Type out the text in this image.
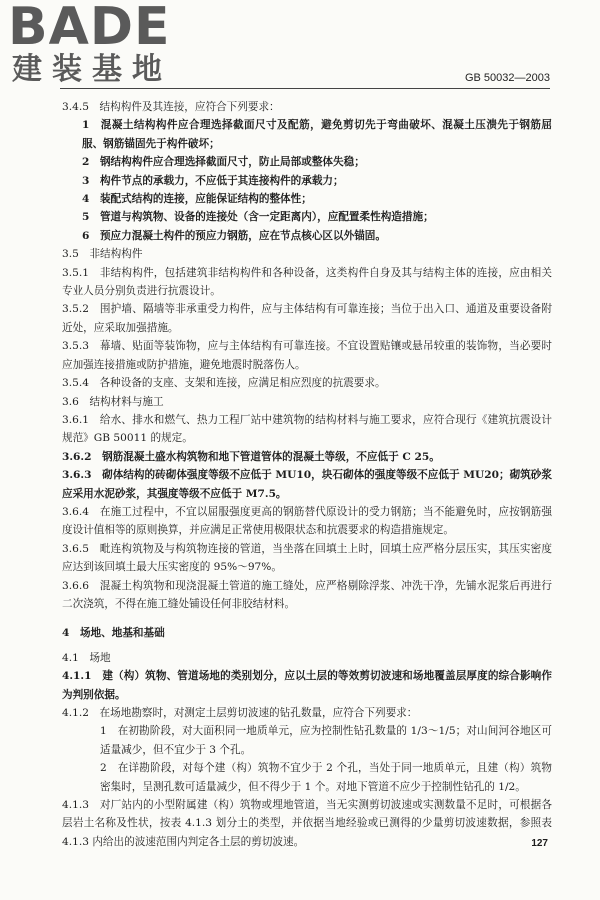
BADE
建装基地	GB 50032—2003

3.4.5　结构构件及其连接，应符合下列要求：

1　混凝土结构构件应合理选择截面尺寸及配筋，避免剪切先于弯曲破坏、混凝土压溃先于钢筋屈服、钢筋锚固先于构件破坏；

2　钢结构构件应合理选择截面尺寸，防止局部或整体失稳；

3　构件节点的承载力，不应低于其连接构件的承载力；

4　装配式结构的连接，应能保证结构的整体性；

5　管道与构筑物、设备的连接处（含一定距离内），应配置柔性构造措施；

6　预应力混凝土构件的预应力钢筋，应在节点核心区以外锚固。

3.5　非结构构件

3.5.1　非结构构件，包括建筑非结构构件和各种设备，这类构件自身及其与结构主体的连接，应由相关专业人员分别负责进行抗震设计。

3.5.2　围护墙、隔墙等非承重受力构件，应与主体结构有可靠连接；当位于出入口、通道及重要设备附近处，应采取加强措施。

3.5.3　幕墙、贴面等装饰物，应与主体结构有可靠连接。不宜设置贴镶或悬吊较重的装饰物，当必要时应加强连接措施或防护措施，避免地震时脱落伤人。

3.5.4　各种设备的支座、支架和连接，应满足相应烈度的抗震要求。

3.6　结构材料与施工

3.6.1　给水、排水和燃气、热力工程厂站中建筑物的结构材料与施工要求，应符合现行《建筑抗震设计规范》GB 50011 的规定。

3.6.2　钢筋混凝土盛水构筑物和地下管道管体的混凝土等级，不应低于 C 25。

3.6.3　砌体结构的砖砌体强度等级不应低于 MU10，块石砌体的强度等级不应低于 MU20；砌筑砂浆应采用水泥砂浆，其强度等级不应低于 M7.5。

3.6.4　在施工过程中，不宜以屈服强度更高的钢筋替代原设计的受力钢筋；当不能避免时，应按钢筋强度设计值相等的原则换算，并应满足正常使用极限状态和抗震要求的构造措施规定。

3.6.5　毗连构筑物及与构筑物连接的管道，当坐落在回填土上时，回填土应严格分层压实，其压实密度应达到该回填土最大压实密度的 95%～97%。

3.6.6　混凝土构筑物和现浇混凝土管道的施工缝处，应严格剔除浮浆、冲洗干净，先铺水泥浆后再进行二次浇筑，不得在施工缝处铺设任何非胶结材料。

4　场地、地基和基础

4.1　场地

4.1.1　建（构）筑物、管道场地的类别划分，应以土层的等效剪切波速和场地覆盖层厚度的综合影响作为判别依据。

4.1.2　在场地勘察时，对测定土层剪切波速的钻孔数量，应符合下列要求：

1　在初勘阶段，对大面积同一地质单元，应为控制性钻孔数量的 1/3～1/5；对山间河谷地区可适量减少，但不宜少于 3 个孔。

2　在详勘阶段，对每个建（构）筑物不宜少于 2 个孔，当处于同一地质单元，且建（构）筑物密集时，呈测孔数可适量减少，但不得少于 1 个。对地下管道不应少于控制性钻孔的 1/2。

4.1.3　对厂站内的小型附属建（构）筑物或埋地管道，当无实测剪切波速或实测数量不足时，可根据各层岩土名称及性状，按表 4.1.3 划分土的类型，并依据当地经验或已测得的少量剪切波速数据，参照表 4.1.3 内给出的波速范围内判定各土层的剪切波速。	127
